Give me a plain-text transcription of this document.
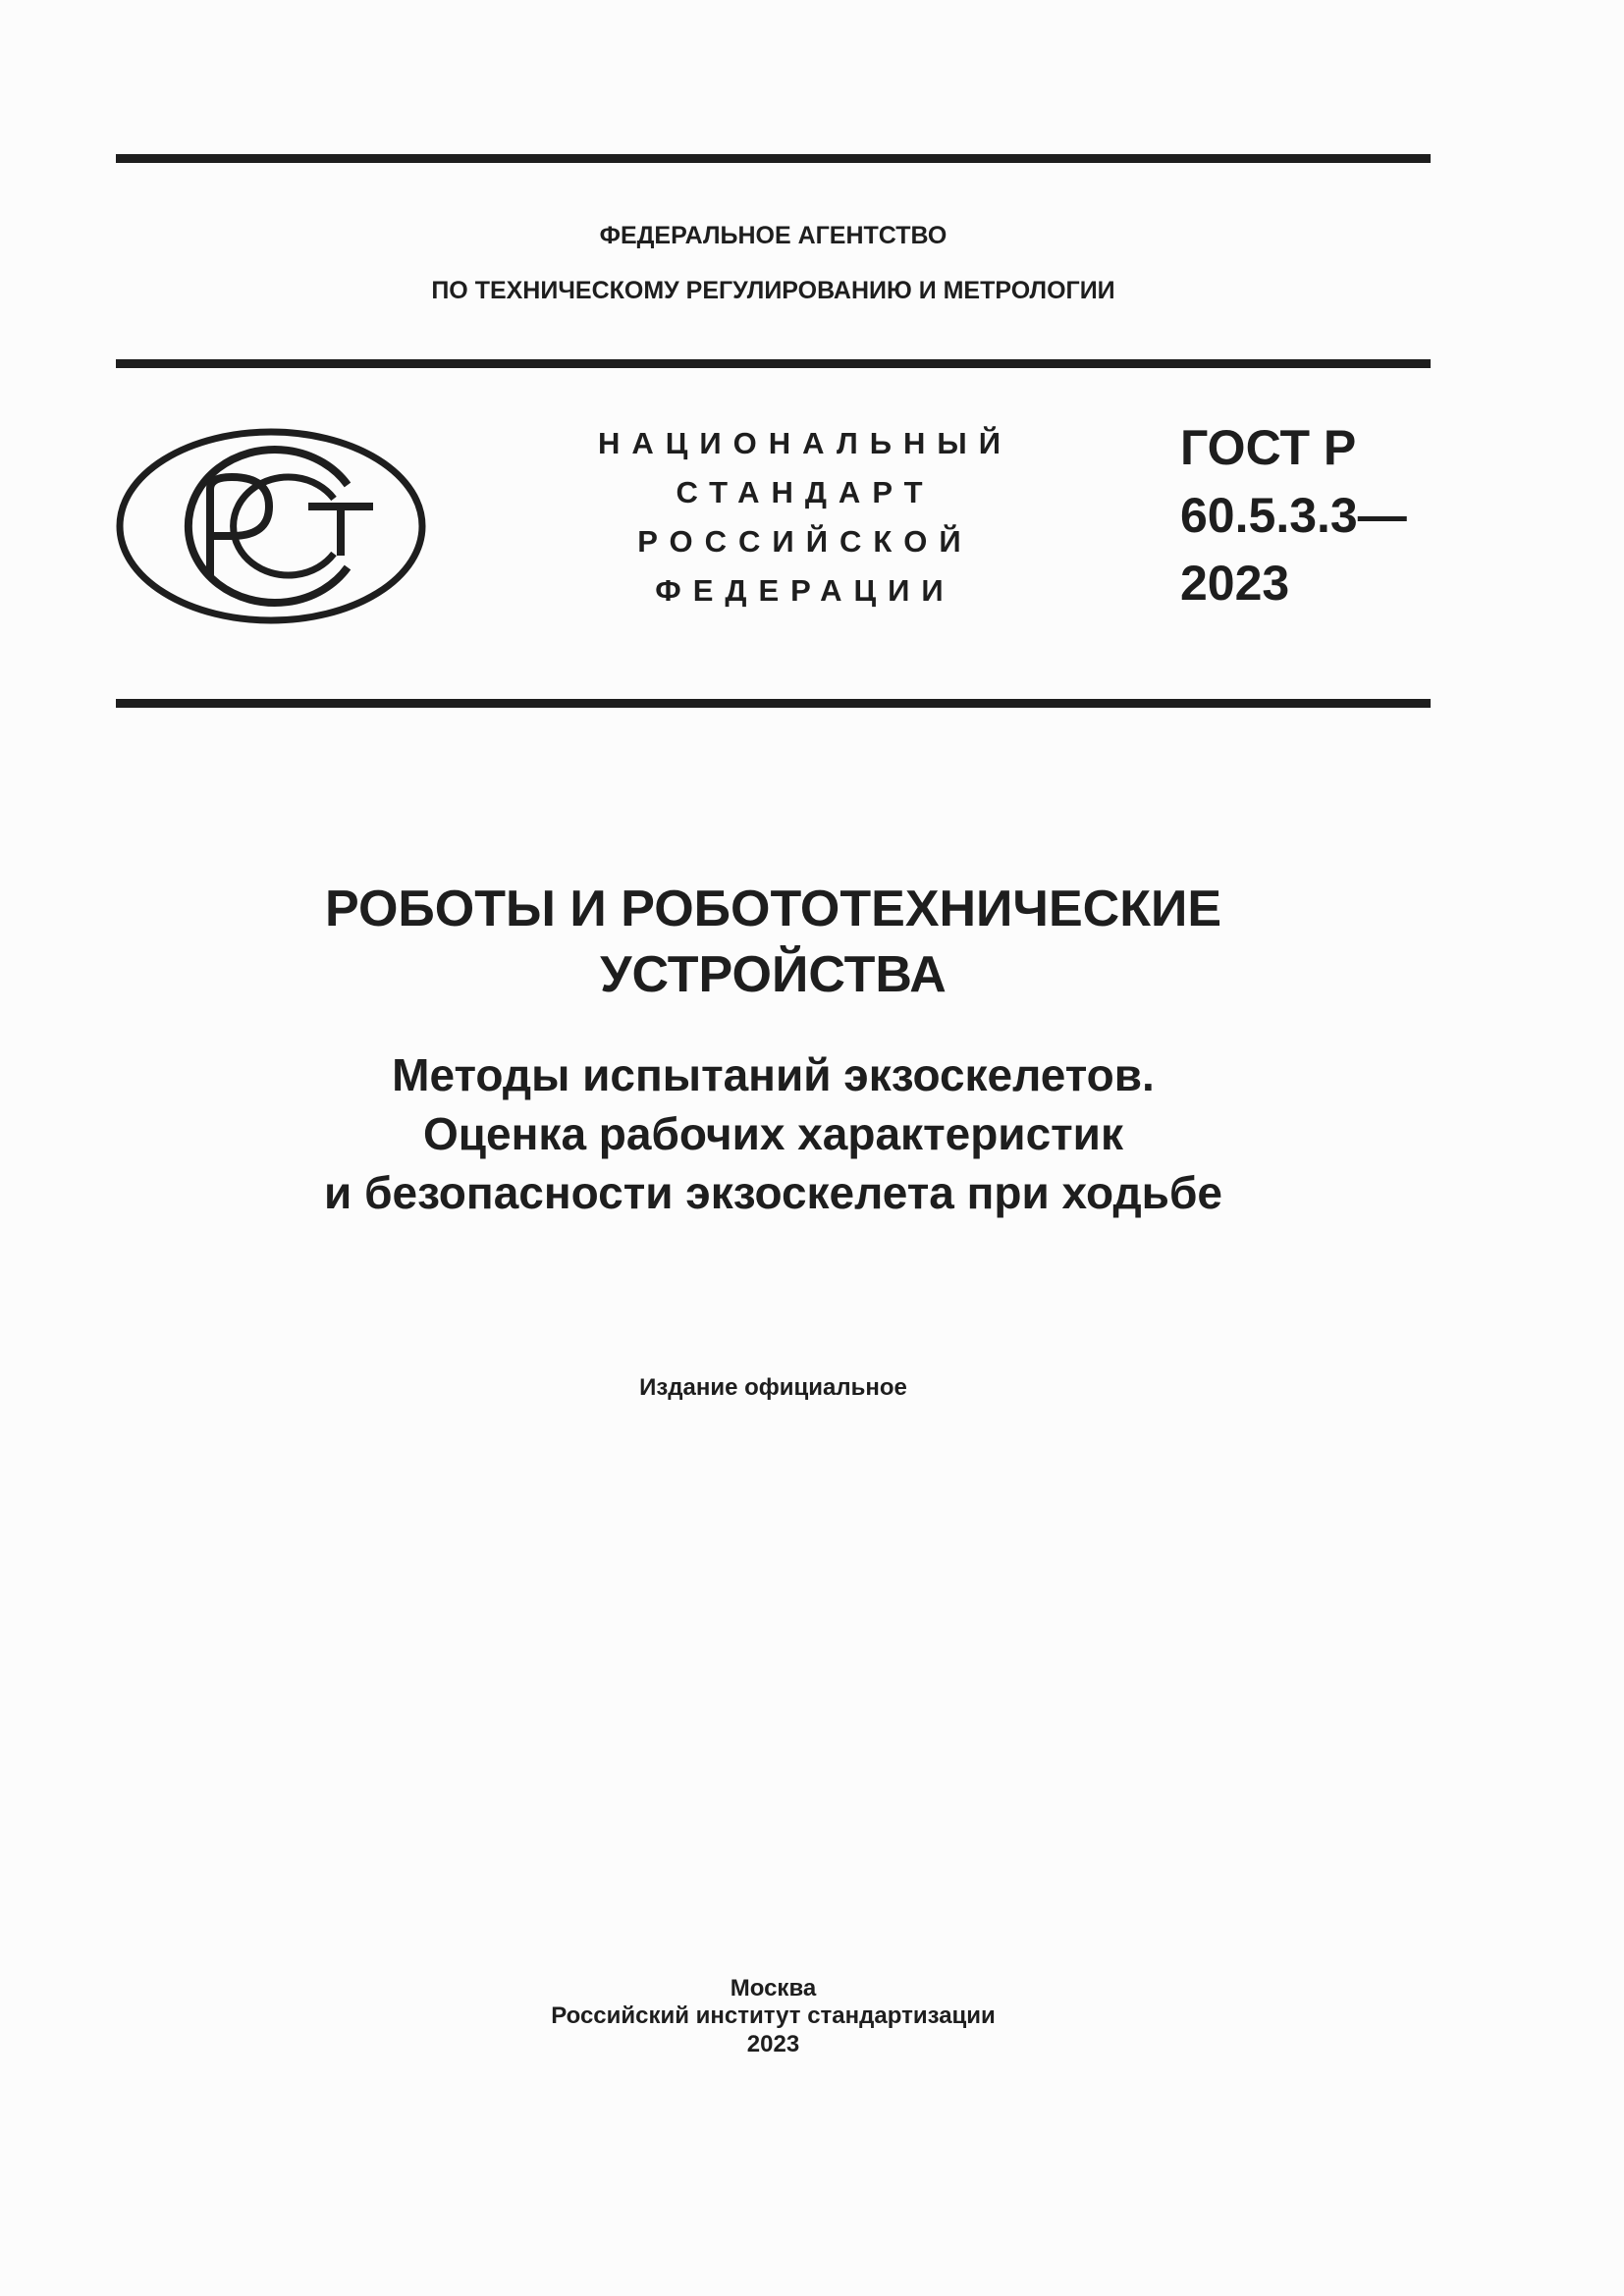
ФЕДЕРАЛЬНОЕ АГЕНТСТВО
ПО ТЕХНИЧЕСКОМУ РЕГУЛИРОВАНИЮ И МЕТРОЛОГИИ
НАЦИОНАЛЬНЫЙ
СТАНДАРТ
РОССИЙСКОЙ
ФЕДЕРАЦИИ
ГОСТ Р
60.5.3.3—
2023
РОБОТЫ И РОБОТОТЕХНИЧЕСКИЕ
УСТРОЙСТВА
Методы испытаний экзоскелетов.
Оценка рабочих характеристик
и безопасности экзоскелета при ходьбе
Издание официальное
Москва
Российский институт стандартизации
2023
